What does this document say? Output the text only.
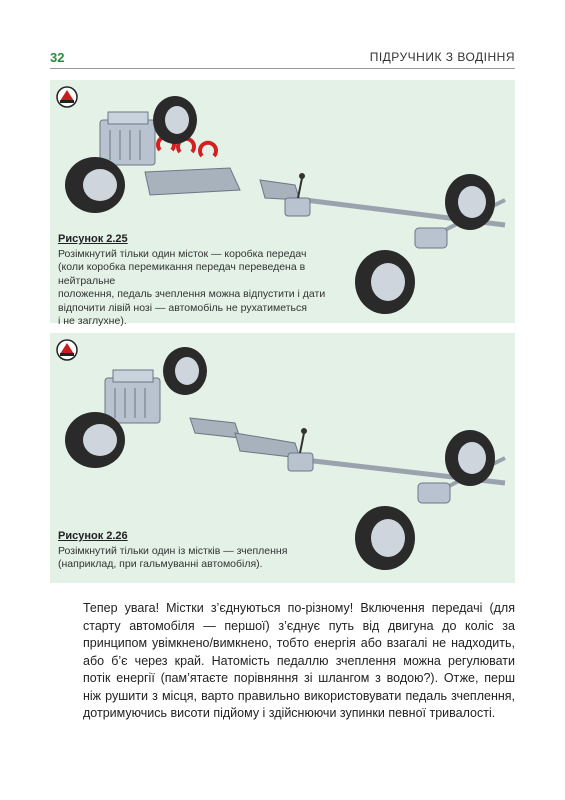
32	ПІДРУЧНИК З ВОДІННЯ
Рисунок 2.25
Розімкнутий тільки один місток — коробка передач
(коли коробка перемикання передач переведена в нейтральне
положення, педаль зчеплення можна відпустити і дати
відпочити лівій нозі — автомобіль не рухатиметься
і не заглухне).
Рисунок 2.26
Розімкнутий тільки один із містків — зчеплення
(наприклад, при гальмуванні автомобіля).
Тепер увага! Містки з’єднуються по-різному! Включення передачі (для старту автомобіля — першої) з’єднує путь від двигуна до коліс за принципом увімкнено/вимкнено, тобто енергія або взагалі не надходить, або б’є через край. Натомість педаллю зчеплення можна регулювати потік енергії (пам’ятаєте порівняння зі шлангом з водою?). Отже, перш ніж рушити з місця, варто правильно використовувати педаль зчеплення, дотримуючись висоти підйому і здійснюючи зупинки певної тривалості.
